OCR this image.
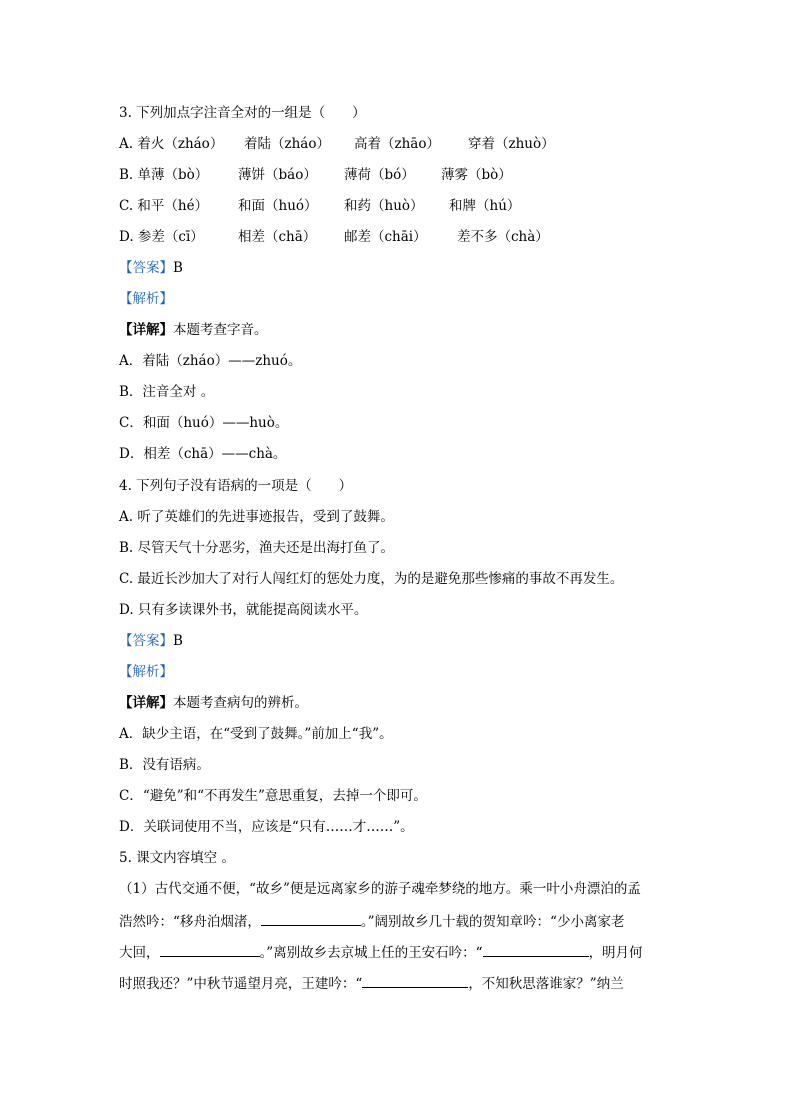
3. 下列加点字注音全对的一组是（　　）
A. 着火（zháo） 着陆（zháo） 高着（zhāo） 穿着（zhuò）
B. 单薄（bò） 薄饼（báo） 薄荷（bó） 薄雾（bò）
C. 和平（hé） 和面（huó） 和药（huò） 和牌（hú）
D. 参差（cī）	相差（chā） 邮差（chāi） 差不多（chà）
【答案】B
【解析】
【详解】本题考查字音。
A．着陆（zháo）——zhuó。
B．注音全对 。
C．和面（huó）——huò。
D．相差（chā）——chà。
4. 下列句子没有语病的一项是（　　）
A. 听了英雄们的先进事迹报告，受到了鼓舞。
B. 尽管天气十分恶劣，渔夫还是出海打鱼了。
C. 最近长沙加大了对行人闯红灯的惩处力度，为的是避免那些惨痛的事故不再发生。
D. 只有多读课外书，就能提高阅读水平。
【答案】B
【解析】
【详解】本题考查病句的辨析。
A．缺少主语，在“受到了鼓舞。”前加上“我”。
B．没有语病。
C．“避免”和“不再发生”意思重复，去掉一个即可。
D．关联词使用不当，应该是“只有……才……”。
5. 课文内容填空 。
（1）古代交通不便，“故乡”便是远离家乡的游子魂牵梦绕的地方。乘一叶小舟漂泊的孟
浩然吟：“移舟泊烟渚，	。”阔别故乡几十载的贺知章吟：“少小离家老
大回，	。”离别故乡去京城上任的王安石吟：“	，明月何
时照我还？”中秋节遥望月亮，王建吟：“	，不知秋思落谁家？”纳兰
